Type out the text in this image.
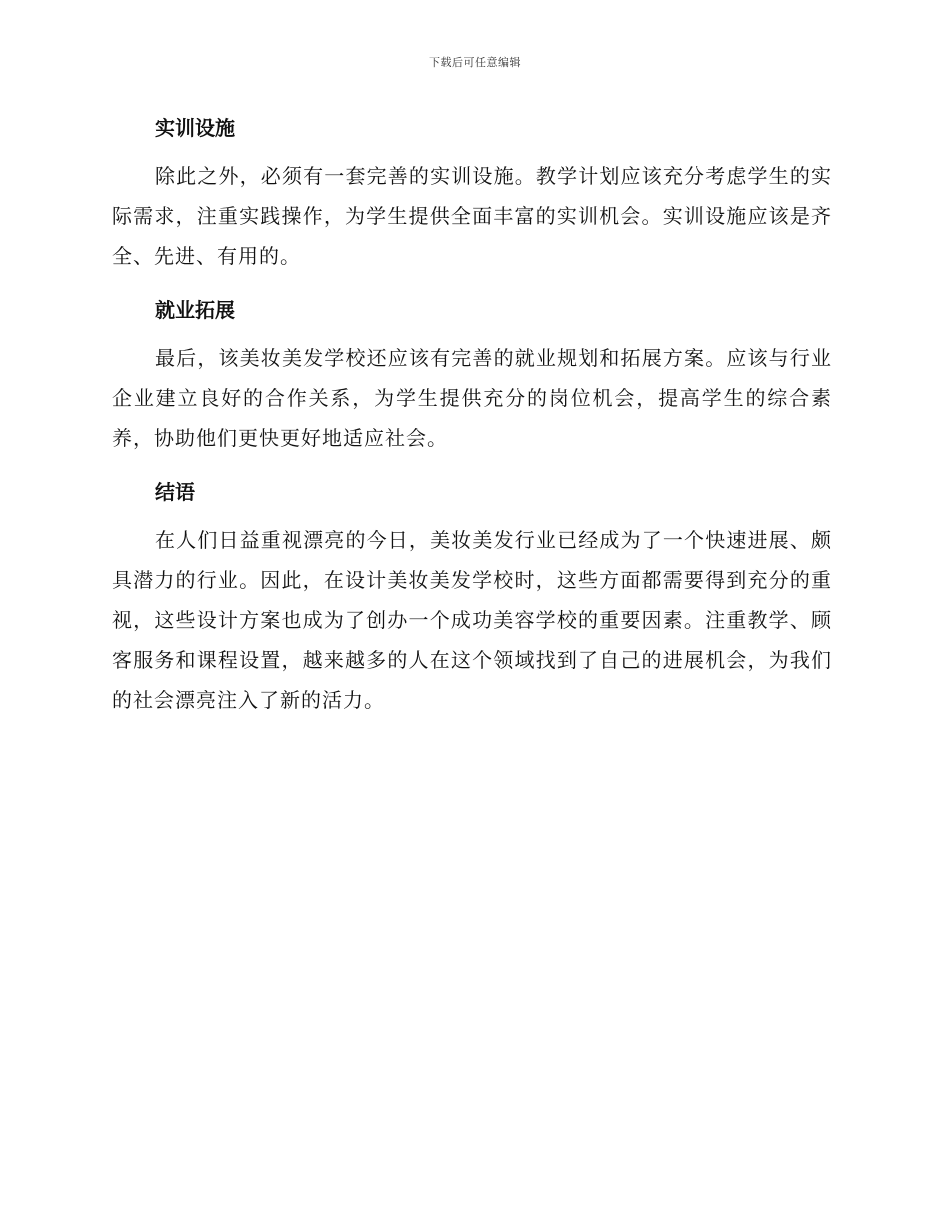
下载后可任意编辑
实训设施

除此之外，必须有一套完善的实训设施。教学计划应该充分考虑学生的实际需求，注重实践操作，为学生提供全面丰富的实训机会。实训设施应该是齐全、先进、有用的。

就业拓展

最后，该美妆美发学校还应该有完善的就业规划和拓展方案。应该与行业企业建立良好的合作关系，为学生提供充分的岗位机会，提高学生的综合素养，协助他们更快更好地适应社会。

结语

在人们日益重视漂亮的今日，美妆美发行业已经成为了一个快速进展、颇具潜力的行业。因此，在设计美妆美发学校时，这些方面都需要得到充分的重视，这些设计方案也成为了创办一个成功美容学校的重要因素。注重教学、顾客服务和课程设置，越来越多的人在这个领域找到了自己的进展机会，为我们的社会漂亮注入了新的活力。
